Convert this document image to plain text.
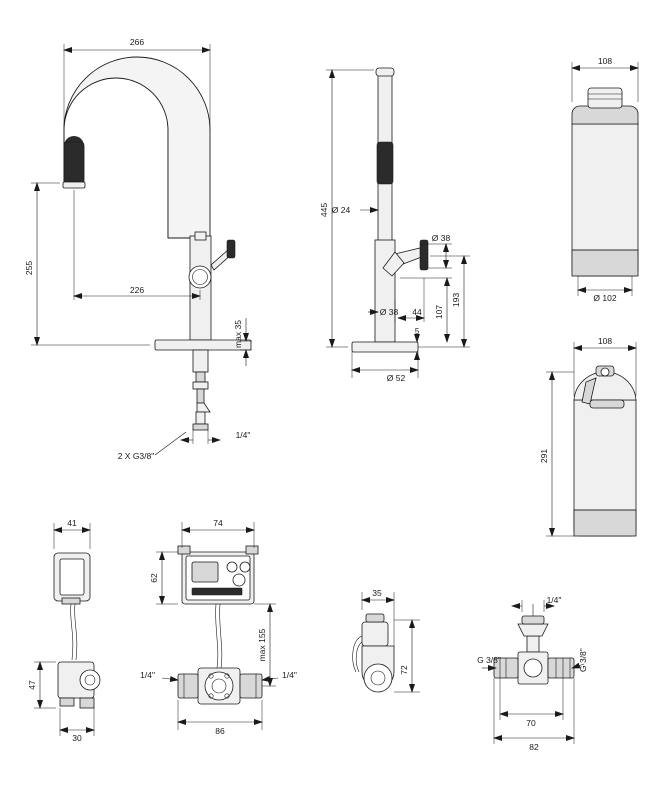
266
255
226
max 35
2 X G3/8"
1/4"
445 Ø 24
Ø 38
193
107
Ø 38 44
5
Ø 52
108
Ø 102
108
291
41
47
30
74
62
max 155
1/4"	1/4"
86
35
72
1/4"
G 3/8"	G 3/8"
70
82
